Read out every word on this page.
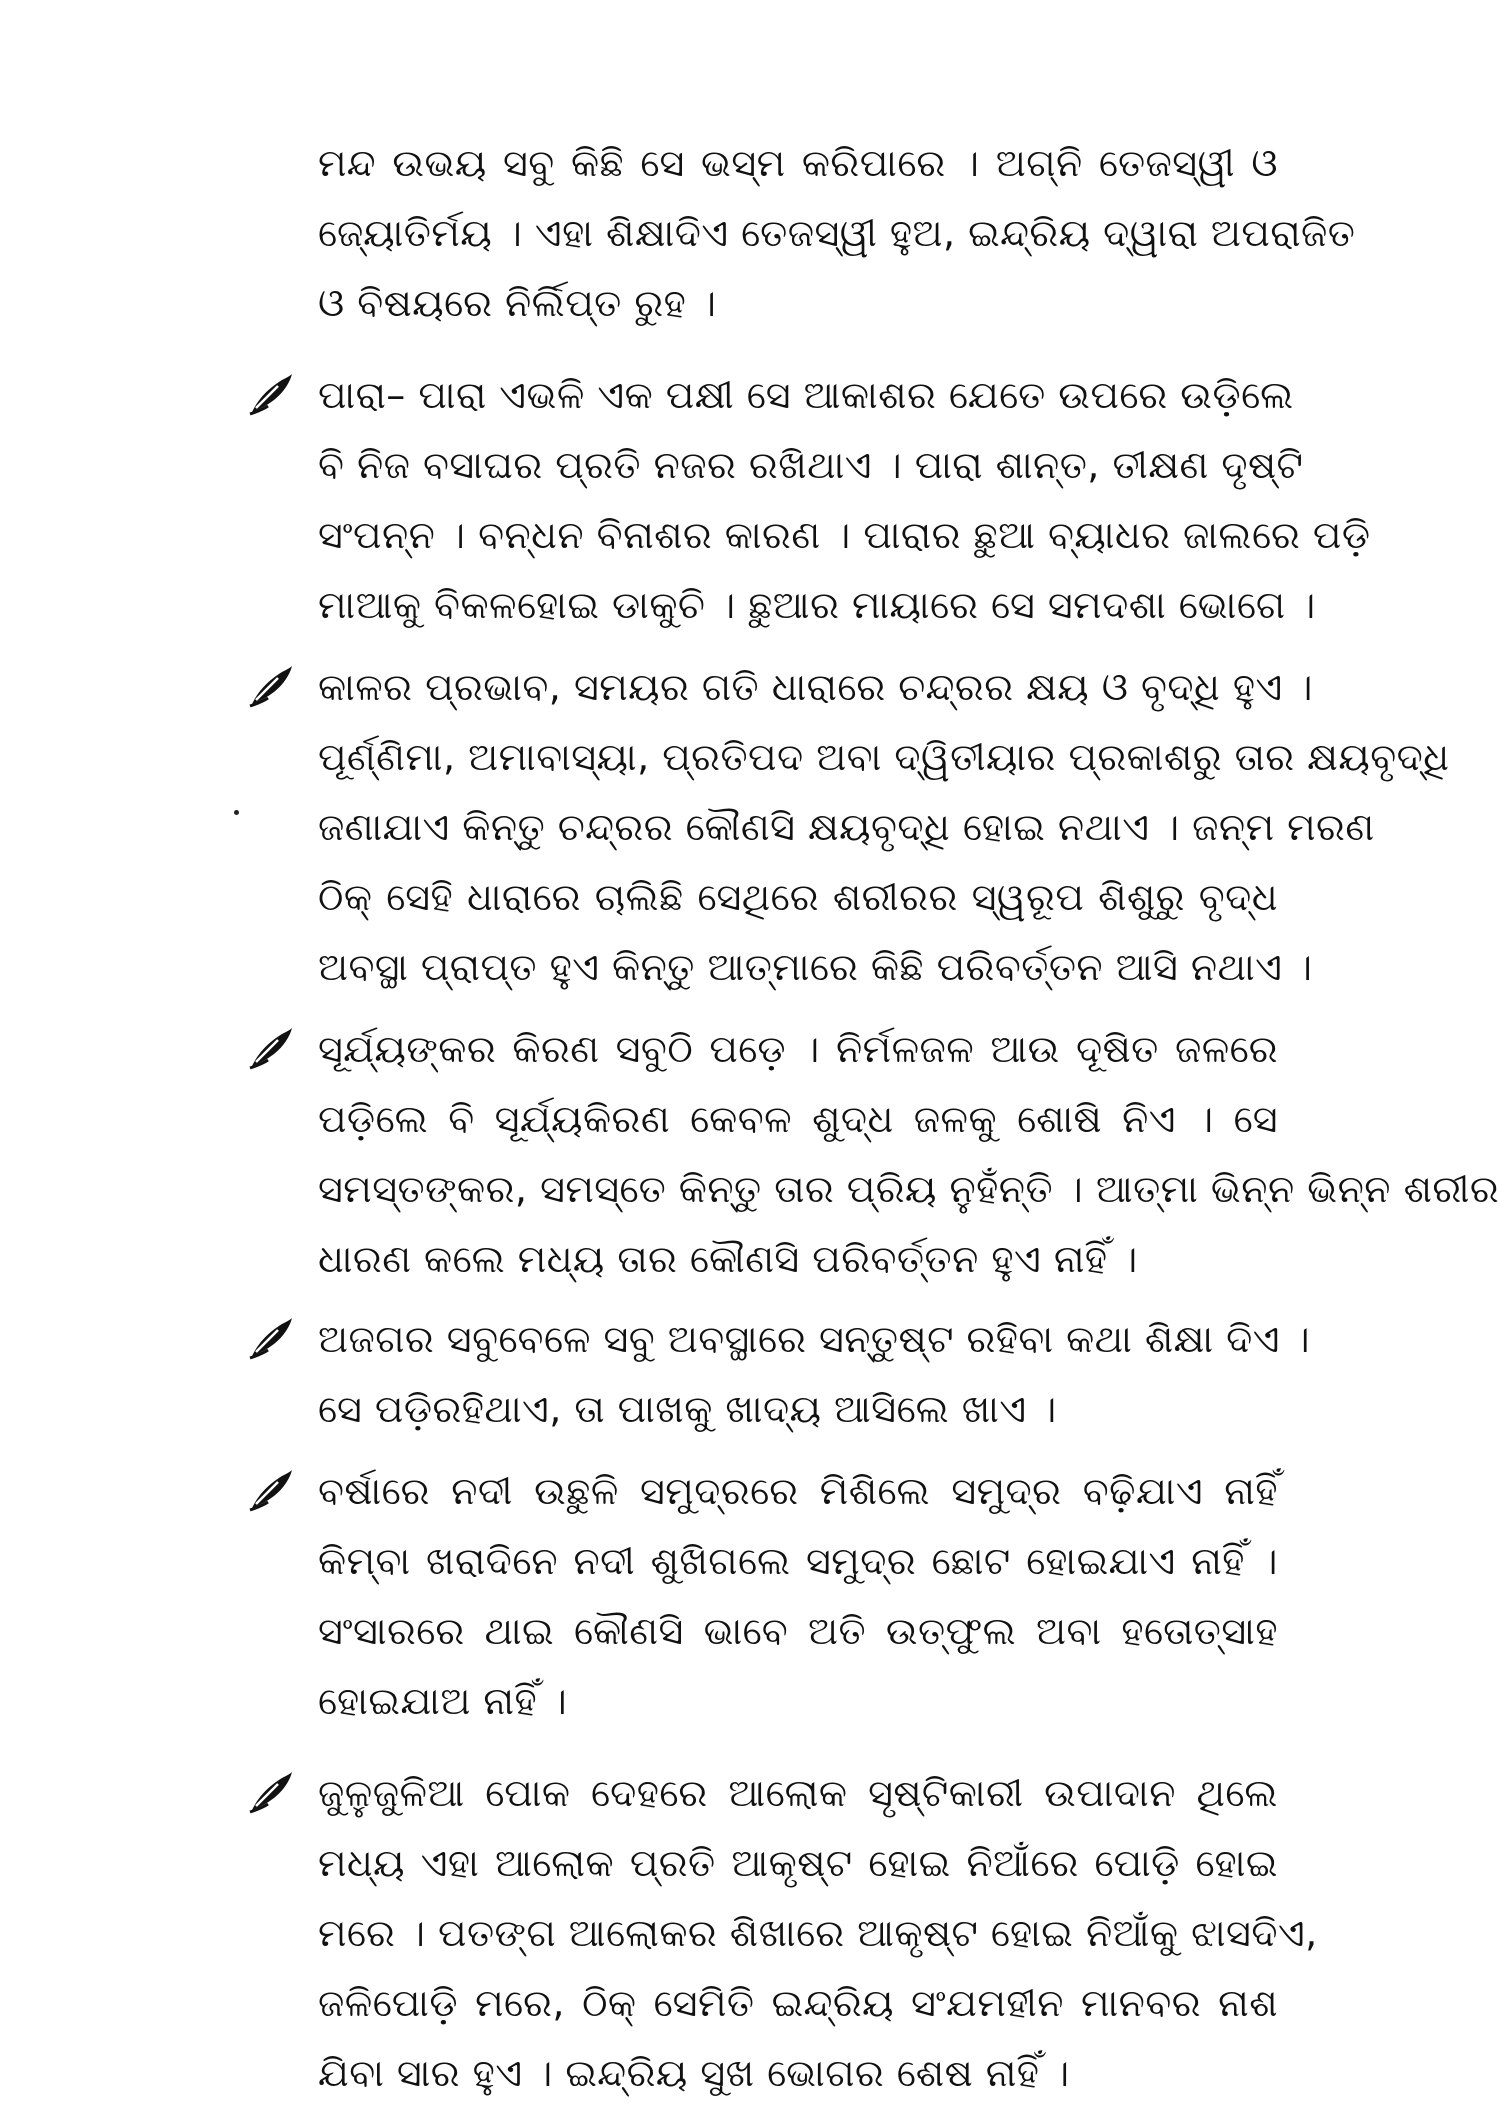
ମନ୍ଦ ଉଭୟ ସବୁ କିଛି ସେ ଭସ୍ମ କରିପାରେ । ଅଗ୍ନି ତେଜସ୍ୱୀ ଓ
ଜ୍ୟୋତିର୍ମୟ । ଏହା ଶିକ୍ଷାଦିଏ ତେଜସ୍ୱୀ ହୁଅ, ଇନ୍ଦ୍ରିୟ ଦ୍ୱାରା ଅପରାଜିତ
ଓ ବିଷୟରେ ନିର୍ଲିପ୍ତ ରୁହ ।
ପାରା– ପାରା ଏଭଳି ଏକ ପକ୍ଷୀ ସେ ଆକାଶର ଯେତେ ଉପରେ ଉଡ଼ିଲେ
ବି ନିଜ ବସାଘର ପ୍ରତି ନଜର ରଖିଥାଏ । ପାରା ଶାନ୍ତ, ତୀକ୍ଷଣ ଦୃଷ୍ଟି
ସଂପନ୍ନ । ବନ୍ଧନ ବିନାଶର କାରଣ । ପାରାର ଛୁଆ ବ୍ୟାଧର ଜାଲରେ ପଡ଼ି
ମାଆକୁ ବିକଳହୋଇ ଡାକୁଚି । ଛୁଆର ମାୟାରେ ସେ ସମଦଶା ଭୋଗେ ।
କାଳର ପ୍ରଭାବ, ସମୟର ଗତି ଧାରାରେ ଚନ୍ଦ୍ରର କ୍ଷୟ ଓ ବୃଦ୍ଧି ହୁଏ ।
ପୂର୍ଣ୍ଣିମା, ଅମାବାସ୍ୟା, ପ୍ରତିପଦ ଅବା ଦ୍ୱିତୀୟାର ପ୍ରକାଶରୁ ତାର କ୍ଷୟବୃଦ୍ଧି
ଜଣାଯାଏ କିନ୍ତୁ ଚନ୍ଦ୍ରର କୌଣସି କ୍ଷୟବୃଦ୍ଧି ହୋଇ ନଥାଏ । ଜନ୍ମ ମରଣ
ଠିକ୍ ସେହି ଧାରାରେ ଚାଲିଛି ସେଥିରେ ଶରୀରର ସ୍ୱରୂପ ଶିଶୁରୁ ବୃଦ୍ଧ
ଅବସ୍ଥା ପ୍ରାପ୍ତ ହୁଏ କିନ୍ତୁ ଆତ୍ମାରେ କିଛି ପରିବର୍ତ୍ତନ ଆସି ନଥାଏ ।
ସୂର୍ଯ୍ୟଙ୍କର କିରଣ ସବୁଠି ପଡ଼େ । ନିର୍ମଳଜଳ ଆଉ ଦୂଷିତ ଜଳରେ
ପଡ଼ିଲେ ବି ସୂର୍ଯ୍ୟକିରଣ କେବଳ ଶୁଦ୍ଧ ଜଳକୁ ଶୋଷି ନିଏ । ସେ
ସମସ୍ତଙ୍କର, ସମସ୍ତେ କିନ୍ତୁ ତାର ପ୍ରିୟ ନୁହଁନ୍ତି । ଆତ୍ମା ଭିନ୍ନ ଭିନ୍ନ ଶରୀର
ଧାରଣ କଲେ ମଧ୍ୟ ତାର କୌଣସି ପରିବର୍ତ୍ତନ ହୁଏ ନାହିଁ ।
ଅଜଗର ସବୁବେଳେ ସବୁ ଅବସ୍ଥାରେ ସନ୍ତୁଷ୍ଟ ରହିବା କଥା ଶିକ୍ଷା ଦିଏ ।
ସେ ପଡ଼ିରହିଥାଏ, ତା ପାଖକୁ ଖାଦ୍ୟ ଆସିଲେ ଖାଏ ।
ବର୍ଷାରେ ନଦୀ ଉଛୁଳି ସମୁଦ୍ରରେ ମିଶିଲେ ସମୁଦ୍ର ବଢ଼ିଯାଏ ନାହିଁ
କିମ୍ବା ଖରାଦିନେ ନଦୀ ଶୁଖିଗଲେ ସମୁଦ୍ର ଛୋଟ ହୋଇଯାଏ ନାହିଁ ।
ସଂସାରରେ ଥାଇ କୌଣସି ଭାବେ ଅତି ଉତ୍‌ଫୁଲ ଅବା ହତୋତ୍ସାହ
ହୋଇଯାଅ ନାହିଁ ।
ଜୁଳୁଜୁଳିଆ ପୋକ ଦେହରେ ଆଲୋକ ସୃଷ୍ଟିକାରୀ ଉପାଦାନ ଥିଲେ
ମଧ୍ୟ ଏହା ଆଲୋକ ପ୍ରତି ଆକୃଷ୍ଟ ହୋଇ ନିଆଁରେ ପୋଡ଼ି ହୋଇ
ମରେ । ପତଙ୍ଗ ଆଲୋକର ଶିଖାରେ ଆକୃଷ୍ଟ ହୋଇ ନିଆଁକୁ ଝାସଦିଏ,
ଜଳିପୋଡ଼ି ମରେ, ଠିକ୍ ସେମିତି ଇନ୍ଦ୍ରିୟ ସଂଯମହୀନ ମାନବର ନାଶ
ଯିବା ସାର ହୁଏ । ଇନ୍ଦ୍ରିୟ ସୁଖ ଭୋଗର ଶେଷ ନାହିଁ ।
